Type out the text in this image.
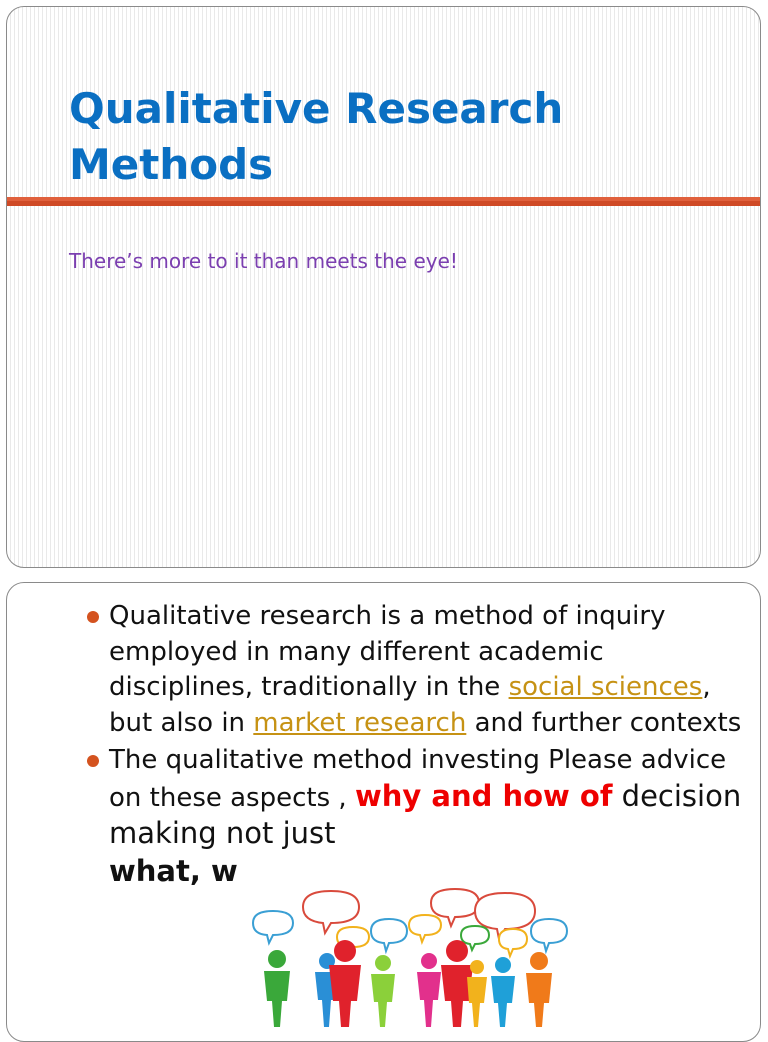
Qualitative Research
Methods

There’s more to it than meets the eye!

Qualitative research is a method of inquiry employed in many different academic disciplines, traditionally in the social sciences, but also in market research and further contexts
The qualitative method investing Please advice on these aspects , why and how of decision making not just
what, w
